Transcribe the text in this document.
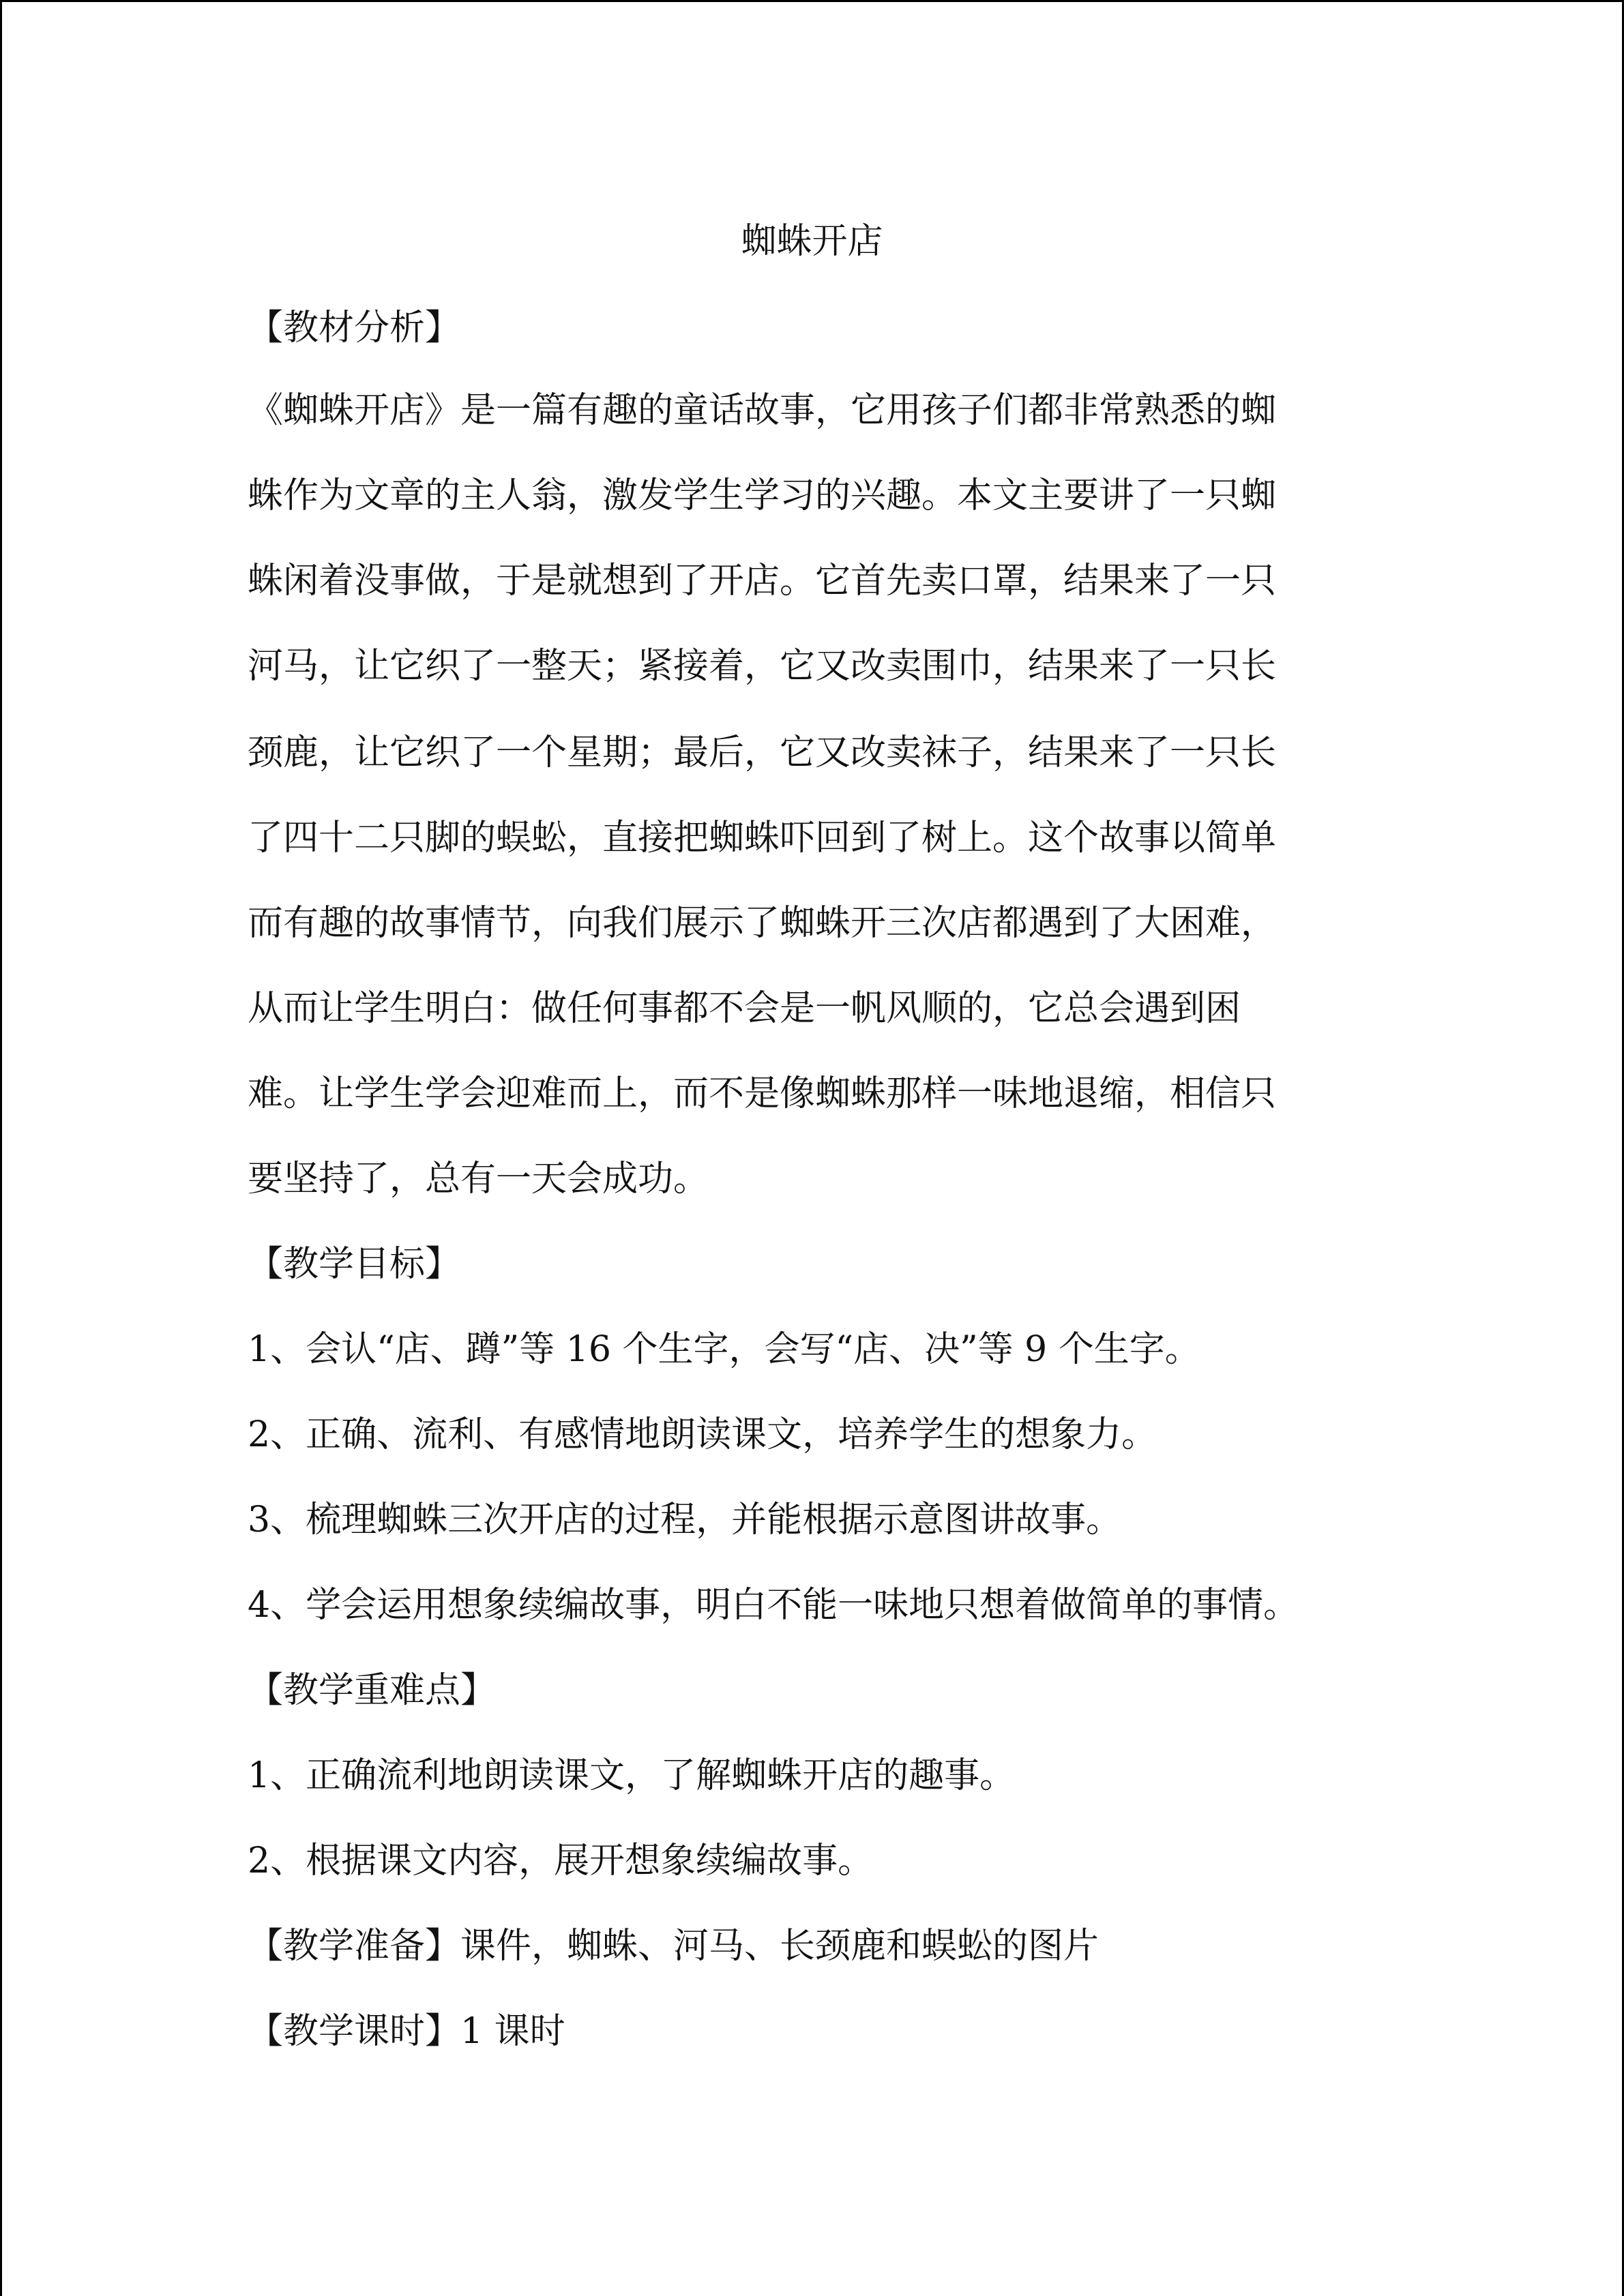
蜘蛛开店

【教材分析】

《蜘蛛开店》是一篇有趣的童话故事，它用孩子们都非常熟悉的蜘

蛛作为文章的主人翁，激发学生学习的兴趣。本文主要讲了一只蜘

蛛闲着没事做，于是就想到了开店。它首先卖口罩，结果来了一只

河马，让它织了一整天；紧接着，它又改卖围巾，结果来了一只长

颈鹿，让它织了一个星期；最后，它又改卖袜子，结果来了一只长

了四十二只脚的蜈蚣，直接把蜘蛛吓回到了树上。这个故事以简单

而有趣的故事情节，向我们展示了蜘蛛开三次店都遇到了大困难，

从而让学生明白：做任何事都不会是一帆风顺的，它总会遇到困

难。让学生学会迎难而上，而不是像蜘蛛那样一味地退缩，相信只

要坚持了，总有一天会成功。

【教学目标】

1、会认“店、蹲”等 16 个生字，会写“店、决”等 9 个生字。

2、正确、流利、有感情地朗读课文，培养学生的想象力。

3、梳理蜘蛛三次开店的过程，并能根据示意图讲故事。

4、学会运用想象续编故事，明白不能一味地只想着做简单的事情。

【教学重难点】

1、正确流利地朗读课文，了解蜘蛛开店的趣事。

2、根据课文内容，展开想象续编故事。

【教学准备】课件，蜘蛛、河马、长颈鹿和蜈蚣的图片

【教学课时】1 课时
